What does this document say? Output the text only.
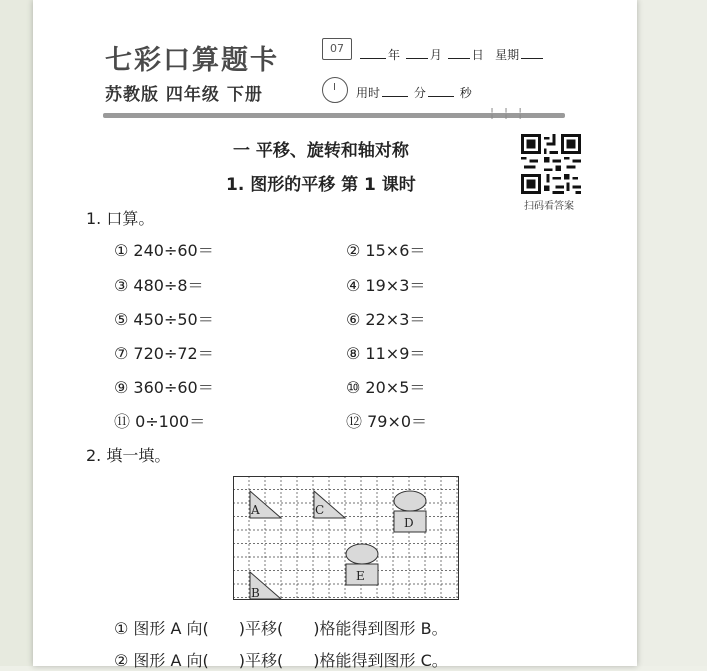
七彩口算题卡
苏教版 四年级 下册
07	年 月 日 星期
用时	分	秒
¦¦¦
一 平移、旋转和轴对称
1. 图形的平移 第 1 课时
扫码看答案
1. 口算。
① 240÷60＝	② 15×6＝
③ 480÷8＝	④ 19×3＝
⑤ 450÷50＝	⑥ 22×3＝
⑦ 720÷72＝	⑧ 11×9＝
⑨ 360÷60＝	⑩ 20×5＝
⑪ 0÷100＝	⑫ 79×0＝
2. 填一填。
A	C
D
E
B
① 图形 A 向( )平移( )格能得到图形 B。
② 图形 A 向( )平移( )格能得到图形 C。
